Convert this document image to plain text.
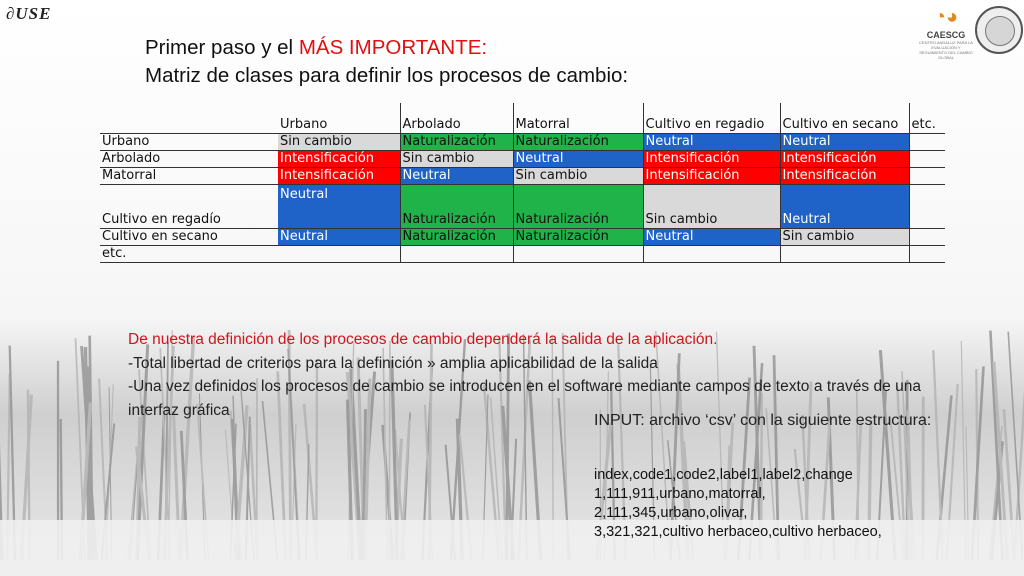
∂USE	◔◕
CAESCG
CENTRO ANDALUZ PARA LA EVALUACIÓN Y SEGUIMIENTO DEL CAMBIO GLOBAL
Primer paso y el MÁS IMPORTANTE:
Matriz de clases para definir los procesos de cambio:
	Urbano	Arbolado	Matorral	Cultivo en regadio	Cultivo en secano	etc.
Urbano	Sin cambio	Naturalización	Naturalización	Neutral	Neutral	
Arbolado	Intensificación	Sin cambio	Neutral	Intensificación	Intensificación	
Matorral	Intensificación	Neutral	Sin cambio	Intensificación	Intensificación	
Cultivo en regadío	Neutral	Naturalización	Naturalización	Sin cambio	Neutral	
Cultivo en secano	Neutral	Naturalización	Naturalización	Neutral	Sin cambio	
etc.						

De nuestra definición de los procesos de cambio dependerá la salida de la aplicación.

-Total libertad de criterios para la definición » amplia aplicabilidad de la salida

-Una vez definidos los procesos de cambio se introducen en el software mediante campos de texto a través de una interfaz gráfica

INPUT: archivo ‘csv’ con la siguiente estructura:
index,code1,code2,label1,label2,change
1,111,911,urbano,matorral,
2,111,345,urbano,olivar,
3,321,321,cultivo herbaceo,cultivo herbaceo,
